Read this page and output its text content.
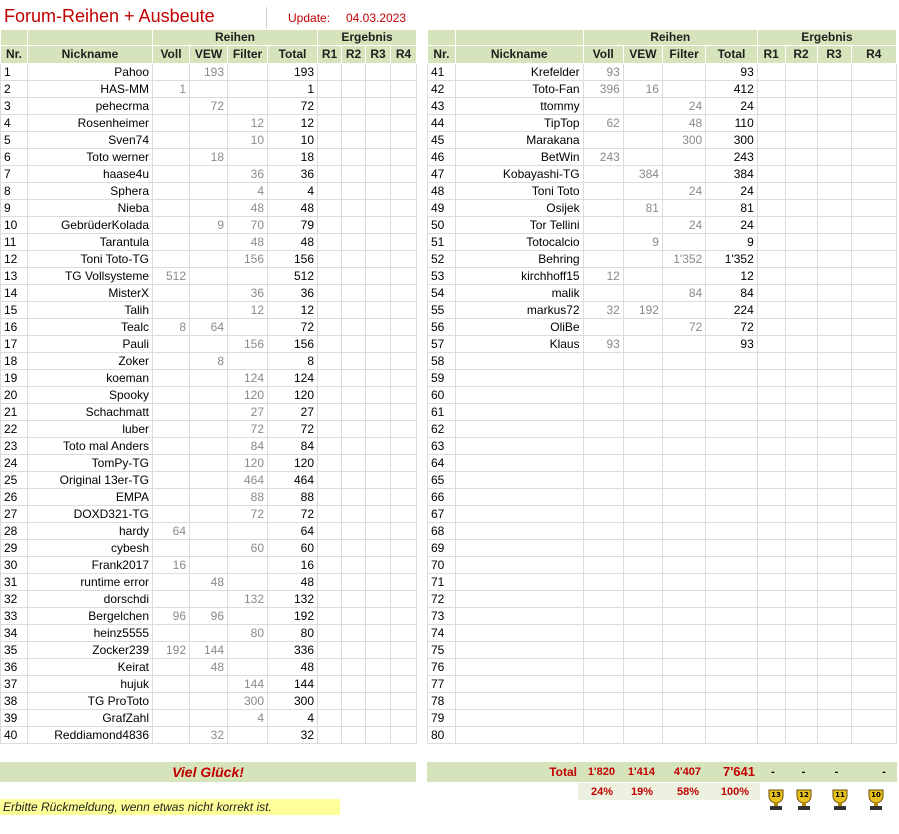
Forum-Reihen + Ausbeute	Update: 04.03.2023
		Reihen				Ergebnis			
Nr.	Nickname	Voll	VEW	Filter	Total	R1	R2	R3	R4
1	Pahoo		193		193				
2	HAS-MM	1			1				
3	pehecrma		72		72				
4	Rosenheimer			12	12				
5	Sven74			10	10				
6	Toto werner		18		18				
7	haase4u			36	36				
8	Sphera			4	4				
9	Nieba			48	48				
10	GebrüderKolada		9	70	79				
11	Tarantula			48	48				
12	Toni Toto-TG			156	156				
13	TG Vollsysteme	512			512				
14	MisterX			36	36				
15	Talih			12	12				
16	Tealc	8	64		72				
17	Pauli			156	156				
18	Zoker		8		8				
19	koeman			124	124				
20	Spooky			120	120				
21	Schachmatt			27	27				
22	luber			72	72				
23	Toto mal Anders			84	84				
24	TomPy-TG			120	120				
25	Original 13er-TG			464	464				
26	EMPA			88	88				
27	DOXD321-TG			72	72				
28	hardy	64			64				
29	cybesh			60	60				
30	Frank2017	16			16				
31	runtime error		48		48				
32	dorschdi			132	132				
33	Bergelchen	96	96		192				
34	heinz5555			80	80				
35	Zocker239	192	144		336				
36	Keirat		48		48				
37	hujuk			144	144				
38	TG ProToto			300	300				
39	GrafZahl			4	4				
40	Reddiamond4836		32		32				
		Reihen				Ergebnis			
Nr.	Nickname	Voll	VEW	Filter	Total	R1	R2	R3	R4
41	Krefelder	93			93				
42	Toto-Fan	396	16		412				
43	ttommy			24	24				
44	TipTop	62		48	110				
45	Marakana			300	300				
46	BetWin	243			243				
47	Kobayashi-TG		384		384				
48	Toni Toto			24	24				
49	Osijek		81		81				
50	Tor Tellini			24	24				
51	Totocalcio		9		9				
52	Behring			1'352	1'352				
53	kirchhoff15	12			12				
54	malik			84	84				
55	markus72	32	192		224				
56	OliBe			72	72				
57	Klaus	93			93				
58									
59									
60									
61									
62									
63									
64									
65									
66									
67									
68									
69									
70									
71									
72									
73									
74									
75									
76									
77									
78									
79									
80									
Viel Glück!	Total 1'820	1'414	4'407	7'641	-	-	-	-
24%	19%	58%	100%
Erbitte Rückmeldung, wenn etwas nicht korrekt ist.
13	12	11	10
